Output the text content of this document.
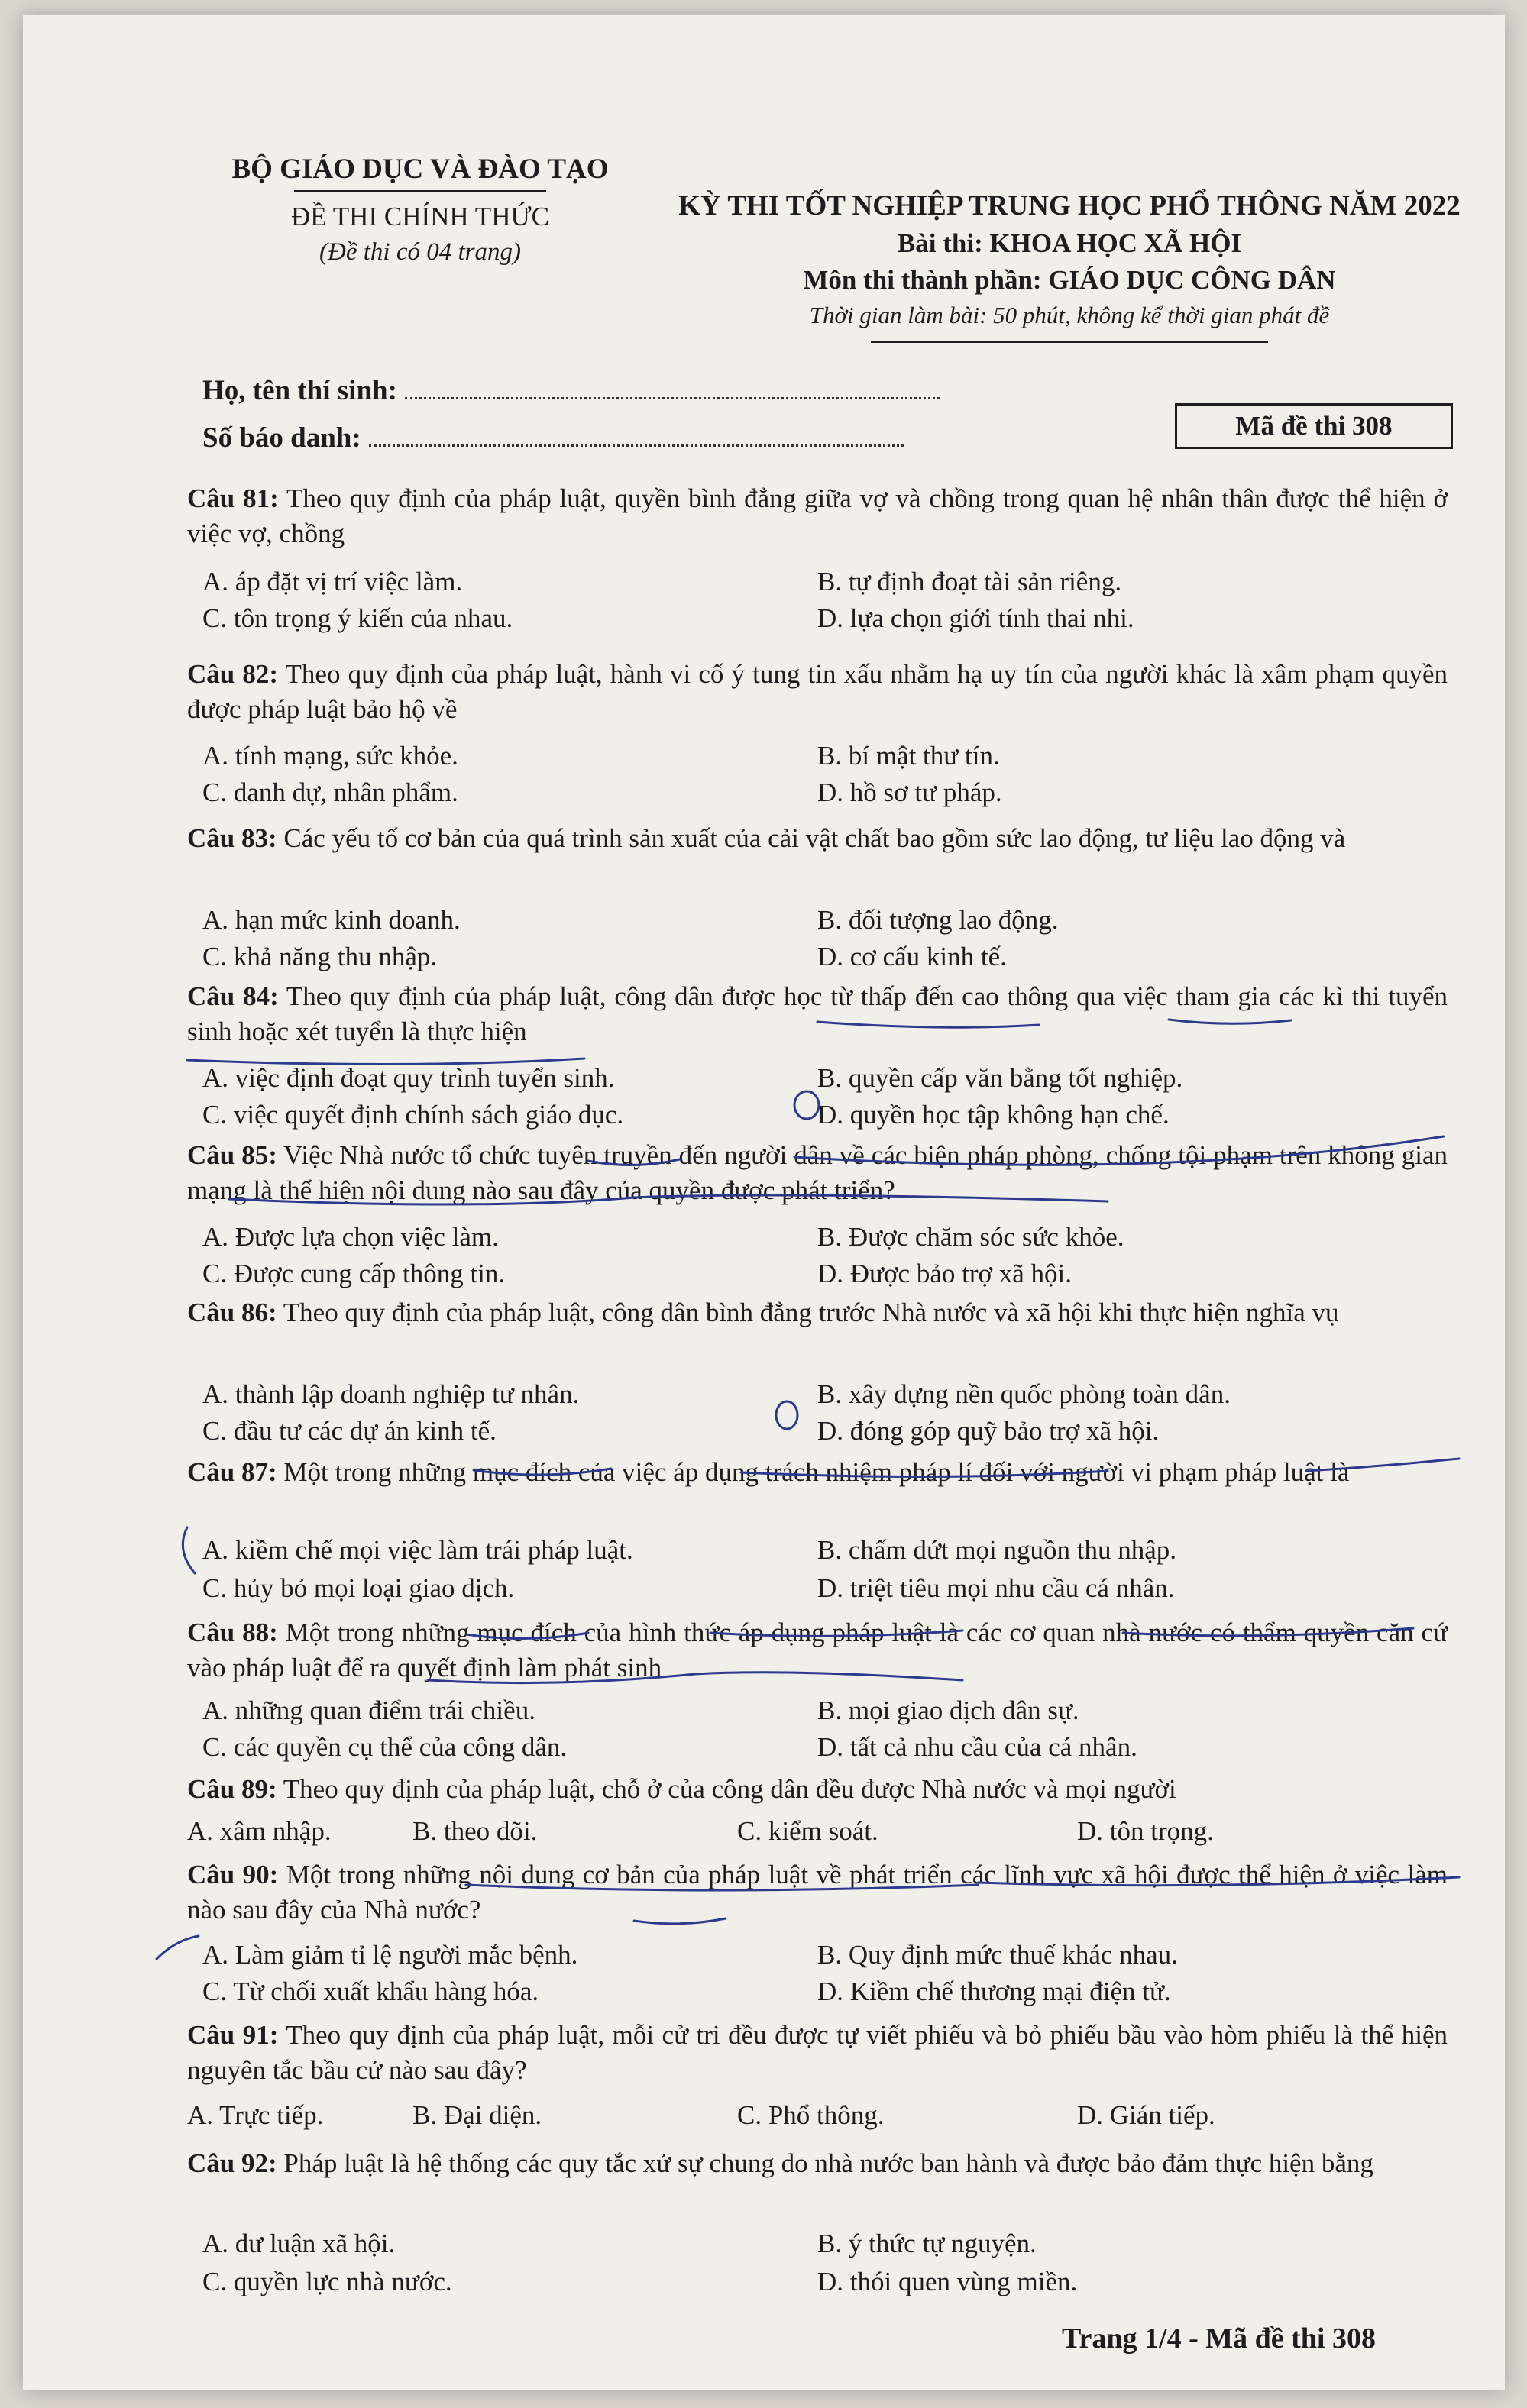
BỘ GIÁO DỤC VÀ ĐÀO TẠO
ĐỀ THI CHÍNH THỨC
(Đề thi có 04 trang)
KỲ THI TỐT NGHIỆP TRUNG HỌC PHỔ THÔNG NĂM 2022
Bài thi: KHOA HỌC XÃ HỘI
Môn thi thành phần: GIÁO DỤC CÔNG DÂN
Thời gian làm bài: 50 phút, không kể thời gian phát đề
Họ, tên thí sinh:
Số báo danh:	Mã đề thi 308
Câu 81: Theo quy định của pháp luật, quyền bình đẳng giữa vợ và chồng trong quan hệ nhân thân được thể hiện ở việc vợ, chồng
A. áp đặt vị trí việc làm.	B. tự định đoạt tài sản riêng.
C. tôn trọng ý kiến của nhau.	D. lựa chọn giới tính thai nhi.
Câu 82: Theo quy định của pháp luật, hành vi cố ý tung tin xấu nhằm hạ uy tín của người khác là xâm phạm quyền được pháp luật bảo hộ về
A. tính mạng, sức khỏe.	B. bí mật thư tín.
C. danh dự, nhân phẩm.	D. hồ sơ tư pháp.
Câu 83: Các yếu tố cơ bản của quá trình sản xuất của cải vật chất bao gồm sức lao động, tư liệu lao động và
A. hạn mức kinh doanh.	B. đối tượng lao động.
C. khả năng thu nhập.	D. cơ cấu kinh tế.
Câu 84: Theo quy định của pháp luật, công dân được học từ thấp đến cao thông qua việc tham gia các kì thi tuyển sinh hoặc xét tuyển là thực hiện
A. việc định đoạt quy trình tuyển sinh.	B. quyền cấp văn bằng tốt nghiệp.
C. việc quyết định chính sách giáo dục.	D. quyền học tập không hạn chế.
Câu 85: Việc Nhà nước tổ chức tuyên truyền đến người dân về các biện pháp phòng, chống tội phạm trên không gian mạng là thể hiện nội dung nào sau đây của quyền được phát triển?
A. Được lựa chọn việc làm.	B. Được chăm sóc sức khỏe.
C. Được cung cấp thông tin.	D. Được bảo trợ xã hội.
Câu 86: Theo quy định của pháp luật, công dân bình đẳng trước Nhà nước và xã hội khi thực hiện nghĩa vụ
A. thành lập doanh nghiệp tư nhân.	B. xây dựng nền quốc phòng toàn dân.
C. đầu tư các dự án kinh tế.	D. đóng góp quỹ bảo trợ xã hội.
Câu 87: Một trong những mục đích của việc áp dụng trách nhiệm pháp lí đối với người vi phạm pháp luật là
A. kiềm chế mọi việc làm trái pháp luật.	B. chấm dứt mọi nguồn thu nhập.
C. hủy bỏ mọi loại giao dịch.	D. triệt tiêu mọi nhu cầu cá nhân.
Câu 88: Một trong những mục đích của hình thức áp dụng pháp luật là các cơ quan nhà nước có thẩm quyền căn cứ vào pháp luật để ra quyết định làm phát sinh
A. những quan điểm trái chiều.	B. mọi giao dịch dân sự.
C. các quyền cụ thể của công dân.	D. tất cả nhu cầu của cá nhân.
Câu 89: Theo quy định của pháp luật, chỗ ở của công dân đều được Nhà nước và mọi người
A. xâm nhập.	B. theo dõi.	C. kiểm soát.	D. tôn trọng.
Câu 90: Một trong những nội dung cơ bản của pháp luật về phát triển các lĩnh vực xã hội được thể hiện ở việc làm nào sau đây của Nhà nước?
A. Làm giảm tỉ lệ người mắc bệnh.	B. Quy định mức thuế khác nhau.
C. Từ chối xuất khẩu hàng hóa.	D. Kiềm chế thương mại điện tử.
Câu 91: Theo quy định của pháp luật, mỗi cử tri đều được tự viết phiếu và bỏ phiếu bầu vào hòm phiếu là thể hiện nguyên tắc bầu cử nào sau đây?
A. Trực tiếp.	B. Đại diện.	C. Phổ thông.	D. Gián tiếp.
Câu 92: Pháp luật là hệ thống các quy tắc xử sự chung do nhà nước ban hành và được bảo đảm thực hiện bằng
A. dư luận xã hội.	B. ý thức tự nguyện.
C. quyền lực nhà nước.	D. thói quen vùng miền.
Trang 1/4 - Mã đề thi 308
